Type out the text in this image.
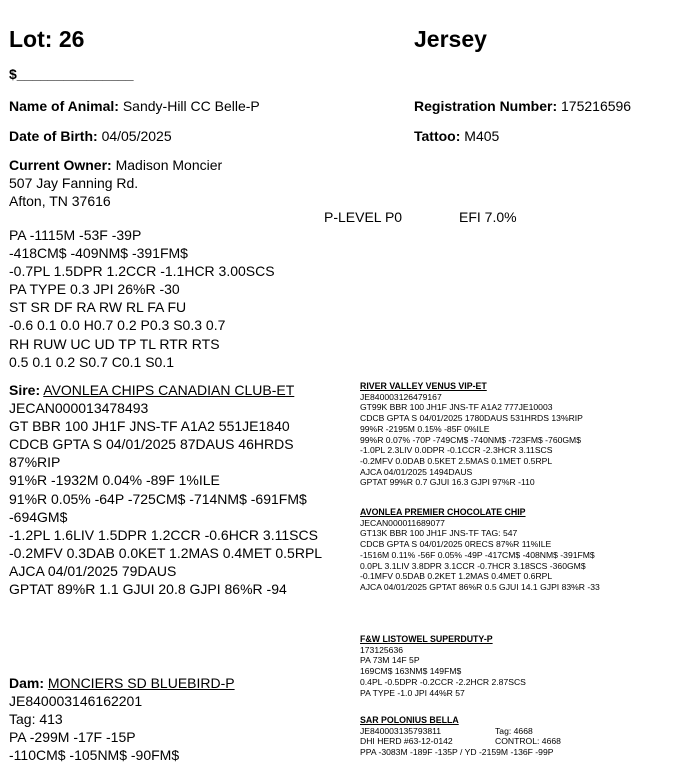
Lot: 26	Jersey
$_______________
Name of Animal: Sandy-Hill CC Belle-P	Registration Number: 175216596
Date of Birth: 04/05/2025	Tattoo: M405
Current Owner: Madison Moncier
507 Jay Fanning Rd.
Afton, TN 37616
P-LEVEL P0	EFI 7.0%
PA -1115M -53F -39P
-418CM$ -409NM$ -391FM$
-0.7PL 1.5DPR 1.2CCR -1.1HCR 3.00SCS
PA TYPE 0.3 JPI 26%R -30
ST SR DF RA RW RL FA FU
-0.6 0.1 0.0 H0.7 0.2 P0.3 S0.3 0.7
RH RUW UC UD TP TL RTR RTS
0.5 0.1 0.2 S0.7 C0.1 S0.1
Sire: AVONLEA CHIPS CANADIAN CLUB-ET
JECAN000013478493
GT BBR 100 JH1F JNS-TF A1A2 551JE1840
CDCB GPTA S 04/01/2025 87DAUS 46HRDS 87%RIP
91%R -1932M 0.04% -89F 1%ILE
91%R 0.05% -64P -725CM$ -714NM$ -691FM$ -694GM$
-1.2PL 1.6LIV 1.5DPR 1.2CCR -0.6HCR 3.11SCS
-0.2MFV 0.3DAB 0.0KET 1.2MAS 0.4MET 0.5RPL
AJCA 04/01/2025 79DAUS
GPTAT 89%R 1.1 GJUI 20.8 GJPI 86%R -94
Dam: MONCIERS SD BLUEBIRD-P
JE840003146162201
Tag: 413
PA -299M -17F -15P
-110CM$ -105NM$ -90FM$
RIVER VALLEY VENUS VIP-ET
JE840003126479167
GT99K BBR 100 JH1F JNS-TF A1A2 777JE10003
CDCB GPTA S 04/01/2025 1780DAUS 531HRDS 13%RIP
99%R -2195M 0.15% -85F 0%ILE
99%R 0.07% -70P -749CM$ -740NM$ -723FM$ -760GM$
-1.0PL 2.3LIV 0.0DPR -0.1CCR -2.3HCR 3.11SCS
-0.2MFV 0.0DAB 0.5KET 2.5MAS 0.1MET 0.5RPL
AJCA 04/01/2025 1494DAUS
GPTAT 99%R 0.7 GJUI 16.3 GJPI 97%R -110
AVONLEA PREMIER CHOCOLATE CHIP
JECAN000011689077
GT13K BBR 100 JH1F JNS-TF TAG: 547
CDCB GPTA S 04/01/2025 0RECS 87%R 11%ILE
-1516M 0.11% -56F 0.05% -49P -417CM$ -408NM$ -391FM$
0.0PL 3.1LIV 3.8DPR 3.1CCR -0.7HCR 3.18SCS -360GM$
-0.1MFV 0.5DAB 0.2KET 1.2MAS 0.4MET 0.6RPL
AJCA 04/01/2025 GPTAT 86%R 0.5 GJUI 14.1 GJPI 83%R -33
F&W LISTOWEL SUPERDUTY-P
173125636
PA 73M 14F 5P
169CM$ 163NM$ 149FM$
0.4PL -0.5DPR -0.2CCR -2.2HCR 2.87SCS
PA TYPE -1.0 JPI 44%R 57
SAR POLONIUS BELLA
JE840003135793811	Tag: 4668
DHI HERD #63-12-0142	CONTROL: 4668
PPA -3083M -189F -135P / YD -2159M -136F -99P
